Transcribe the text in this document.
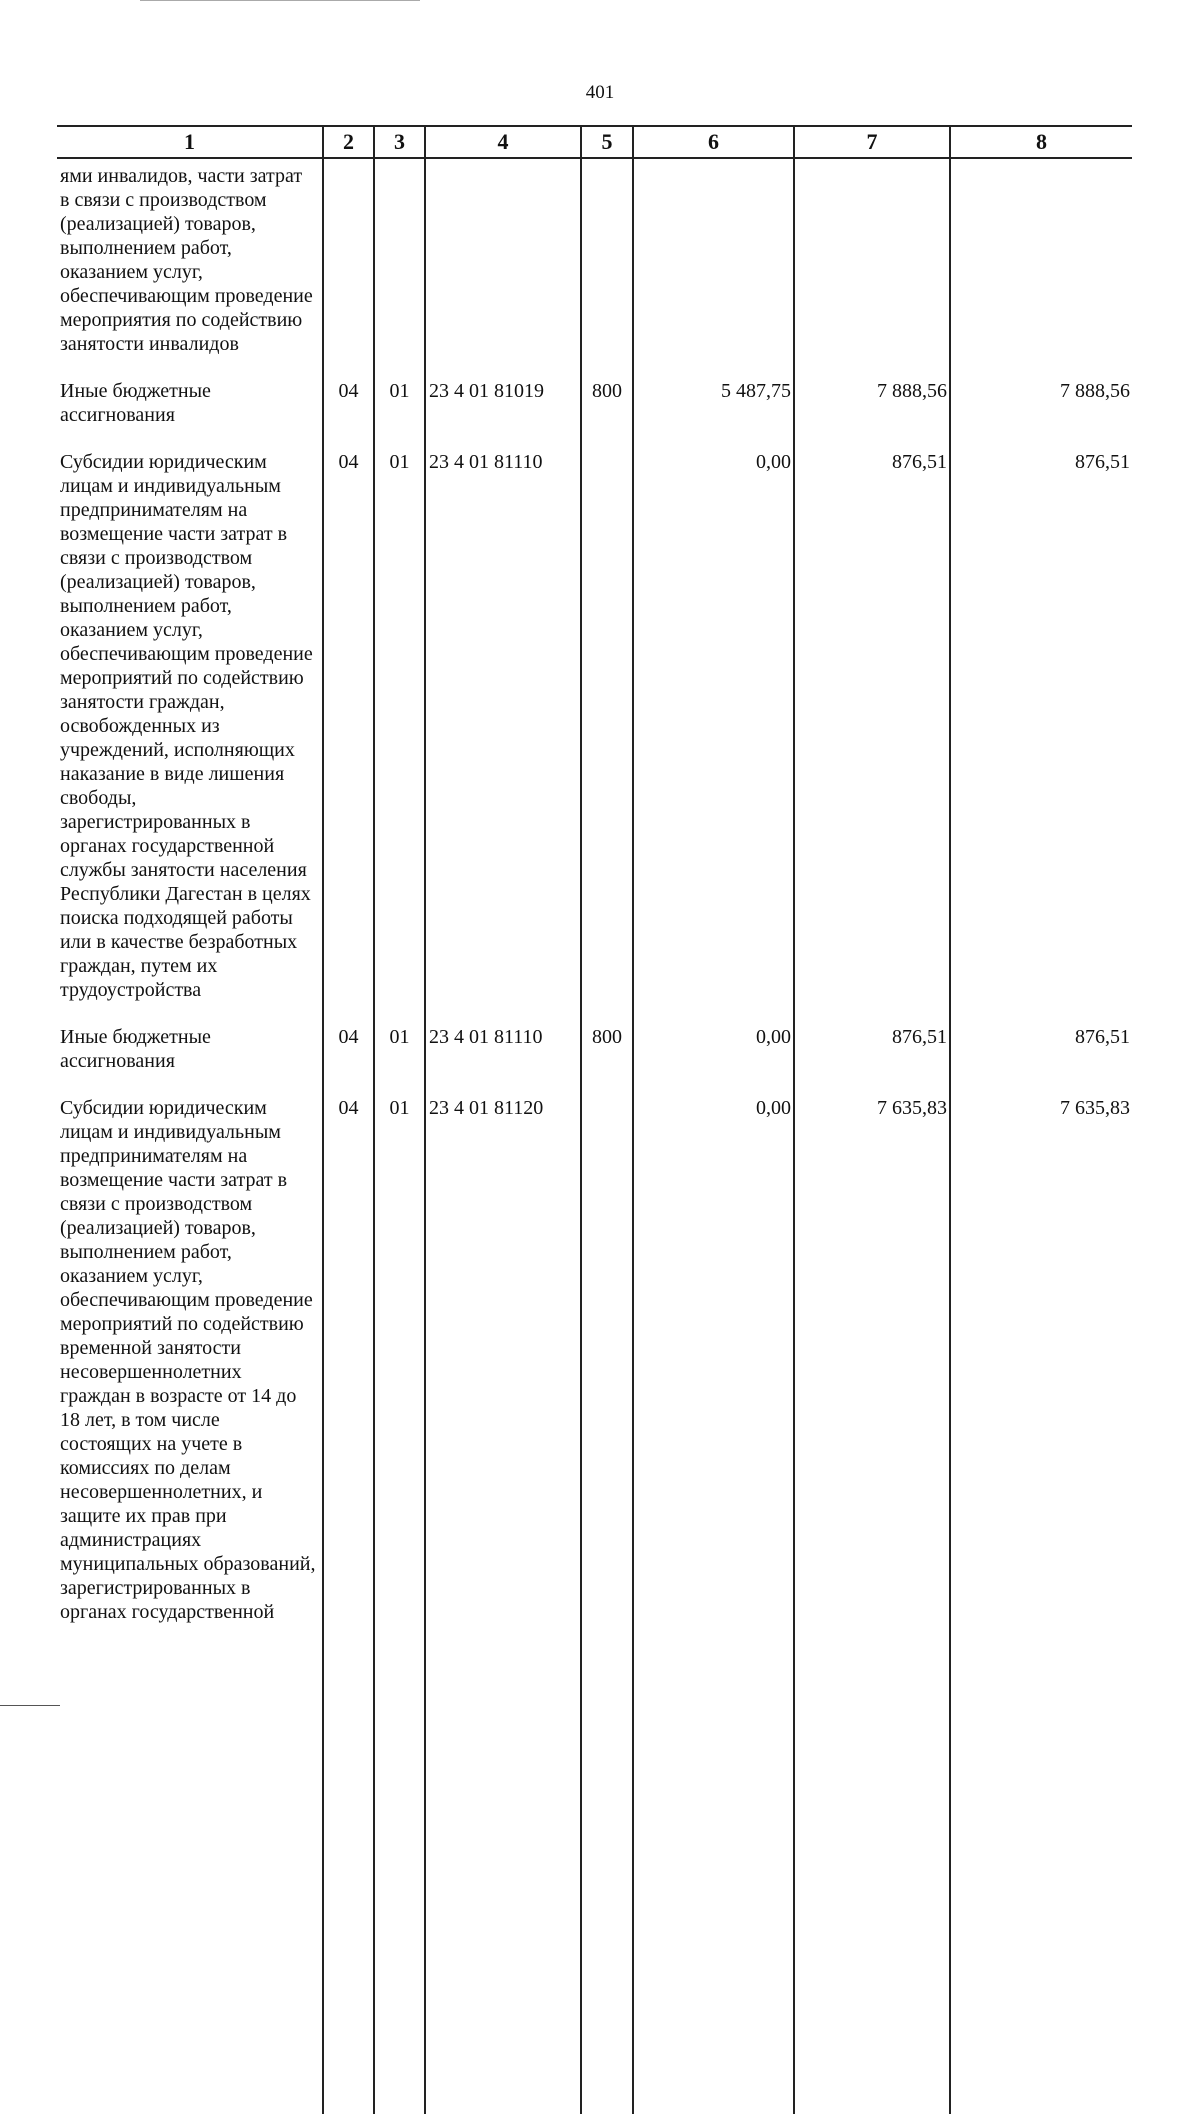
401
1	2	3	4	5	6	7	8
ями инвалидов, части затрат в связи с производством (реализацией) товаров, выполнением работ, оказанием услуг, обеспечивающим проведение мероприятия по содействию занятости инвалидов							
Иные бюджетные ассигнования	04	01	23 4 01 81019	800	5 487,75	7 888,56	7 888,56
Субсидии юридическим лицам и индивидуальным предпринимателям на возмещение части затрат в связи с производством (реализацией) товаров, выполнением работ, оказанием услуг, обеспечивающим проведение мероприятий по содействию занятости граждан, освобожденных из учреждений, исполняющих наказание в виде лишения свободы, зарегистрированных в органах государственной службы занятости населения Республики Дагестан в целях поиска подходящей работы или в качестве безработных граждан, путем их трудоустройства	04	01	23 4 01 81110		0,00	876,51	876,51
Иные бюджетные ассигнования	04	01	23 4 01 81110	800	0,00	876,51	876,51
Субсидии юридическим лицам и индивидуальным предпринимателям на возмещение части затрат в связи с производством (реализацией) товаров, выполнением работ, оказанием услуг, обеспечивающим проведение мероприятий по содействию временной занятости несовершеннолетних граждан в возрасте от 14 до 18 лет, в том числе состоящих на учете в комиссиях по делам несовершеннолетних, и защите их прав при администрациях муниципальных образований, зарегистрированных в органах государственной	04	01	23 4 01 81120		0,00	7 635,83	7 635,83
